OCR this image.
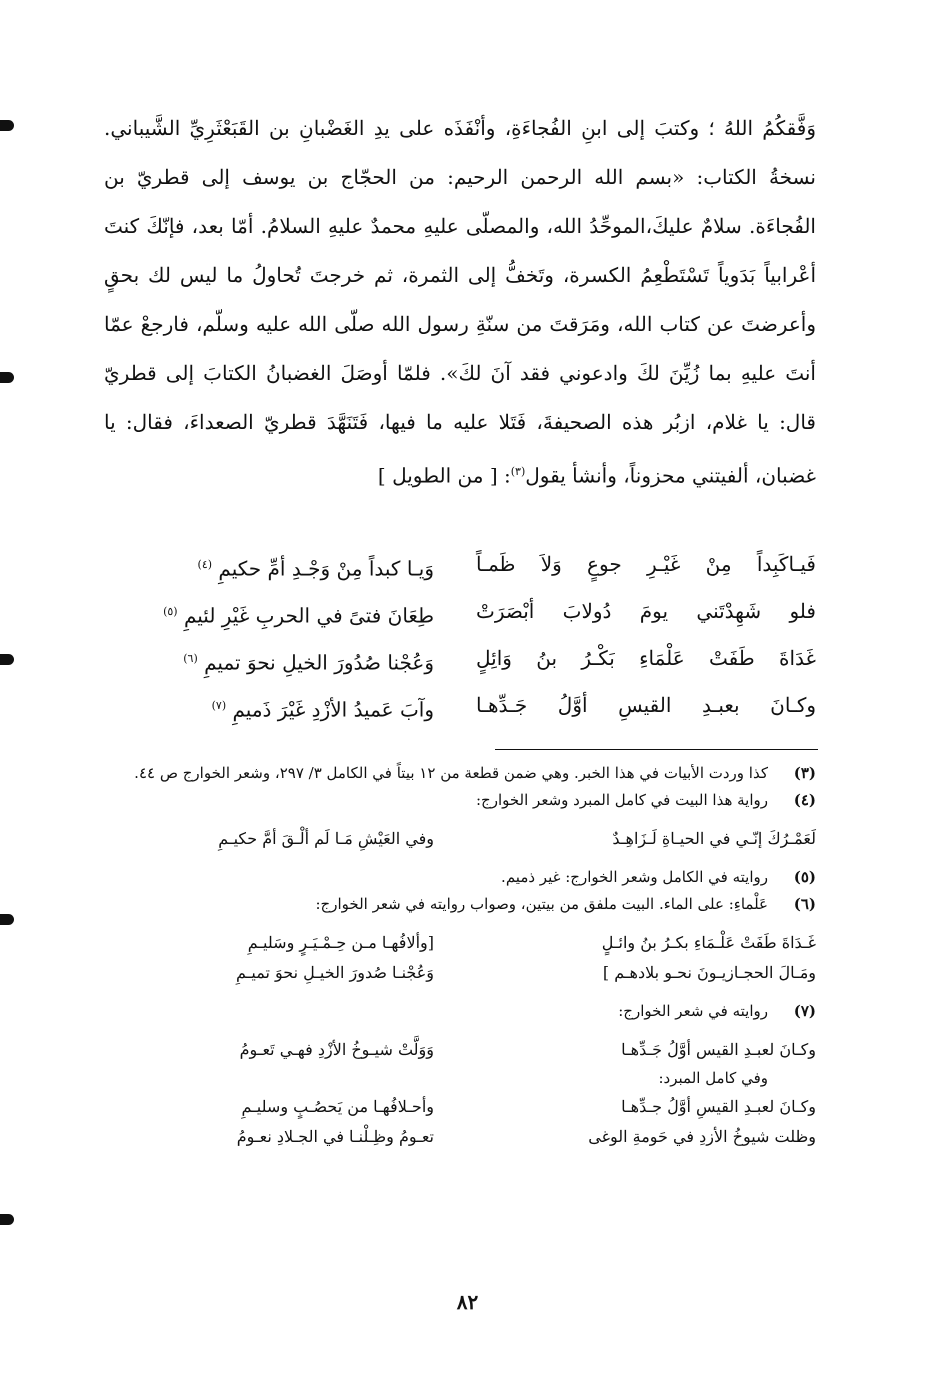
وَفَّقكُمُ اللهُ ؛ وكتبَ إلى ابنِ الفُجاءَةِ، وأنْفَذَه على يدِ الغَضْبانِ بن القَبَعْثَرِيِّ الشَّيباني. نسخةُ الكتاب: «بسم الله الرحمن الرحيم: من الحجّاج بن يوسف إلى قطريّ بن الفُجاءَة. سلامٌ عليكَ،الموحِّدُ الله، والمصلّى عليهِ محمدٌ عليهِ السلامُ. أمّا بعد، فإنّكَ كنتَ أعْرابياً بَدَوياً تَسْتَطْعِمُ الكسرة، وتَخفُّ إلى الثمرة، ثم خرجتَ تُحاولُ ما ليس لك بحقٍ وأعرضتَ عن كتاب الله، ومَرَقتَ من سنّةِ رسول الله صلّى الله عليه وسلّم، فارجعْ عمّا أنتَ عليهِ بما زُيِّنَ لكَ وادعوني فقد آنَ لكَ». فلمّا أوصَلَ الغضبانُ الكتابَ إلى قطريّ قال: يا غلام، ازبُر هذه الصحيفةَ، فَتَلا عليه ما فيها، فَتَنَهَّدَ قطريّ الصعداءَ، فقال: يا غضبان، ألفيتني محزوناً، وأنشأ يقول$^{(٣)}$: [ من الطويل ]

فَيـاكَبِداً مِنْ غَيْـرِ جوعٍ وَلاَ ظَمـاً
وَيـا كبداً مِنْ وَجْـدِ أمِّ حكيمِ $^{(٤)}$
فلو شَهِدْتَني يومَ دُولابَ أبْصَرَتْ
طِعَانَ فتىً في الحربِ غَيْرِ لئيمِ $^{(٥)}$
غَدَاةَ طَفَتْ عَلْمَاءِ بَكْـرُ بنُ وَائِلٍ
وَعُجْنا صُدُورَ الخيلِ نحوَ تميمِ $^{(٦)}$
وكـانَ بعبـدِ القيسِ أوَّلُ جَـدِّهـا
وآبَ عَميدُ الأزْدِ غَيْرَ ذَميمِ $^{(٧)}$
( ٣ )
كذا وردت الأبيات في هذا الخبر. وهي ضمن قطعة من ١٢ بيتاً في الكامل ٣/ ٢٩٧، وشعر الخوارج ص ٤٤.
( ٤ )
رواية هذا البيت في كامل المبرد وشعر الخوارج:
لَعَمْـرُكَ إنّـي في الحيـاةِ لَـزَاهِـدٌ
وفي العَيْشِ مَـا لَم ألْـقَ أمَّ حكيـمِ
( ٥ )
روايته في الكامل وشعر الخوارج: غير ذميم.
( ٦ )
عَلْماءِ: على الماء. البيت ملفق من بيتين، وصواب روايته في شعر الخوارج:
غَـدَاةَ طَفَتْ عَلْـمَاءِ بكـرُ بنُ وائـلٍ
[وألافُهـا مـن حِـمْـيَـرٍ وسَليـمِ
ومَـالَ الحجـازيـونَ نحـو بلادهـم ]
وَعُجْنـا صُدورَ الخيـلِ نحوَ تميـمِ
( ٧ )
روايته في شعر الخوارج:
وكـانَ لعبـدِ القيس أوَّلُ جَـدِّهـا
وَوَلَّتْ شيـوخُ الأزْدِ فهـي تَعـومُ
وفي كامل المبرد:
وكـانَ لعبـدِ القيسِ أوَّلُ جـدِّهـا
وأحـلافُهـا من يَحصُـبٍ وسليـمِ
وظلت شيوخُ الأزدِ في حَومةِ الوغى
تعـومُ وظِـلْنـا في الجـلادِ نعـومُ
٨٢
